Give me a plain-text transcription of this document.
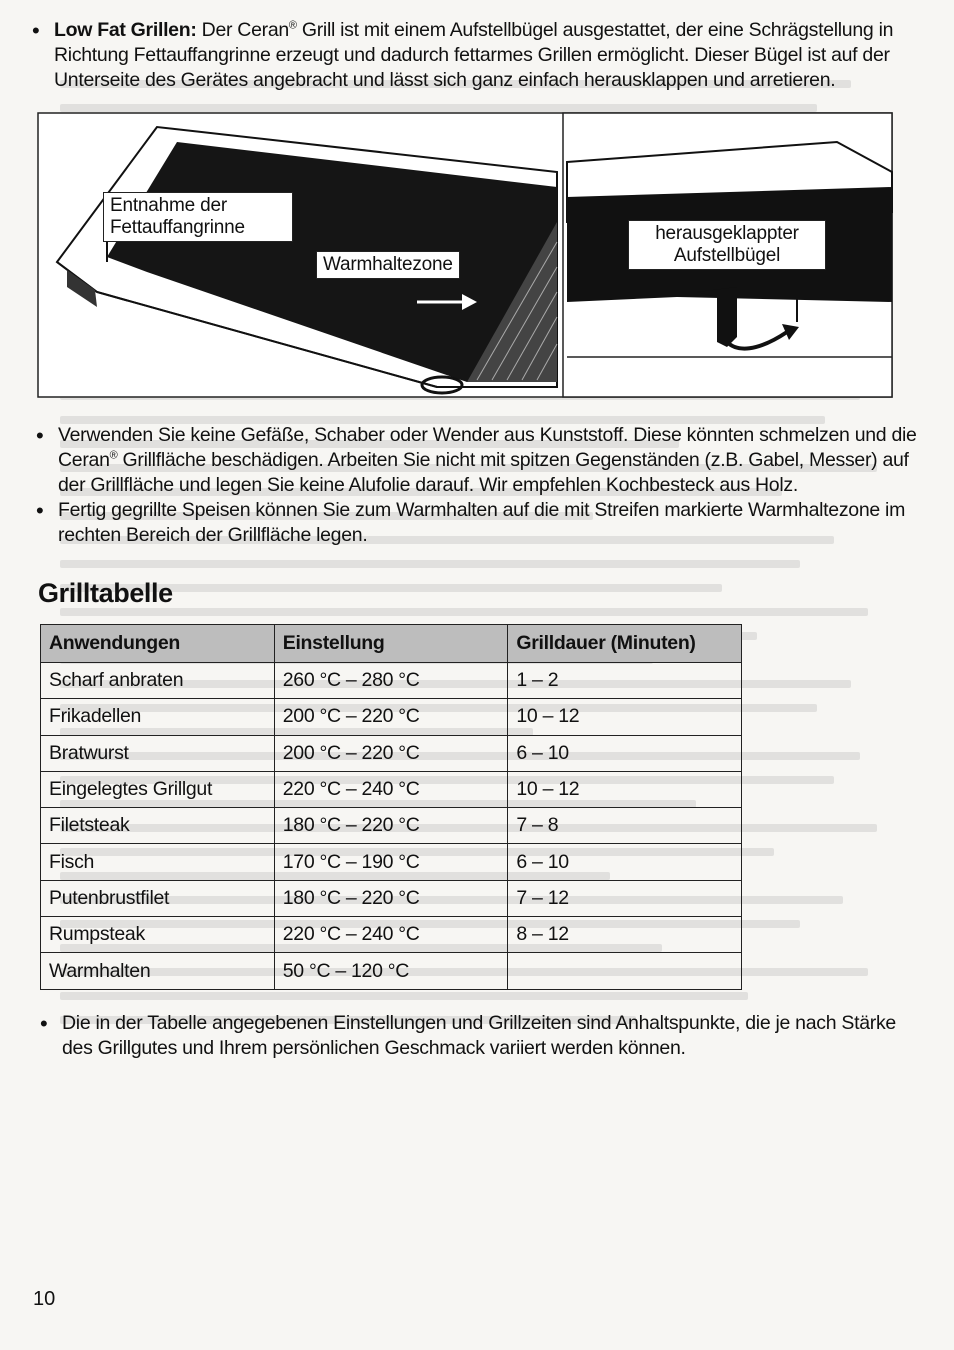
• Low Fat Grillen: Der Ceran® Grill ist mit einem Aufstellbügel ausgestattet, der eine Schrägstellung in Richtung Fettauffangrinne erzeugt und dadurch fettarmes Grillen ermöglicht. Dieser Bügel ist auf der Unterseite des Gerätes angebracht und lässt sich ganz einfach herausklappen und arretieren.

Entnahme der Fettauffangrinne
Warmhaltezone
herausgeklappter Aufstellbügel
• Verwenden Sie keine Gefäße, Schaber oder Wender aus Kunststoff. Diese könnten schmelzen und die Ceran® Grillfläche beschädigen. Arbeiten Sie nicht mit spitzen Gegenständen (z.B. Gabel, Messer) auf der Grillfläche und legen Sie keine Alufolie darauf. Wir empfehlen Kochbesteck aus Holz.

• Fertig gegrillte Speisen können Sie zum Warmhalten auf die mit Streifen markierte Warmhaltezone im rechten Bereich der Grillfläche legen.

Grilltabelle
Anwendungen	Einstellung	Grilldauer (Minuten)
Scharf anbraten	260 °C – 280 °C	1 – 2
Frikadellen	200 °C – 220 °C	10 – 12
Bratwurst	200 °C – 220 °C	6 – 10
Eingelegtes Grillgut	220 °C – 240 °C	10 – 12
Filetsteak	180 °C – 220 °C	7 – 8
Fisch	170 °C – 190 °C	6 – 10
Putenbrustfilet	180 °C – 220 °C	7 – 12
Rumpsteak	220 °C – 240 °C	8 – 12
Warmhalten	50 °C – 120 °C	
• Die in der Tabelle angegebenen Einstellungen und Grillzeiten sind Anhaltspunkte, die je nach Stärke des Grillgutes und Ihrem persönlichen Geschmack variiert werden können.

10
